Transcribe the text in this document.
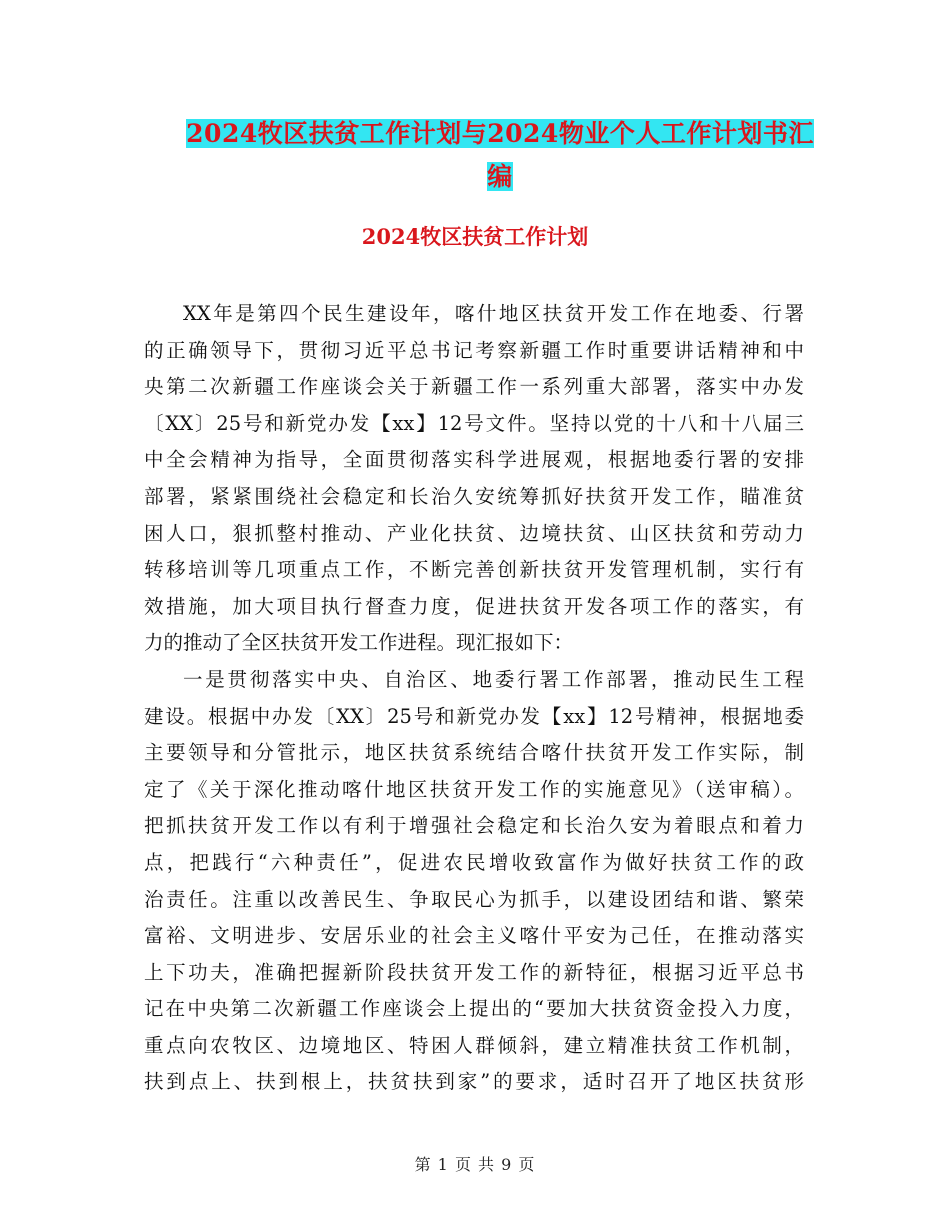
2024牧区扶贫工作计划与2024物业个人工作计划书汇
编
2024牧区扶贫工作计划
XX年是第四个民生建设年，喀什地区扶贫开发工作在地委、行署
的正确领导下，贯彻习近平总书记考察新疆工作时重要讲话精神和中
央第二次新疆工作座谈会关于新疆工作一系列重大部署，落实中办发
〔XX〕25号和新党办发【xx】12号文件。坚持以党的十八和十八届三
中全会精神为指导，全面贯彻落实科学进展观，根据地委行署的安排
部署，紧紧围绕社会稳定和长治久安统筹抓好扶贫开发工作，瞄准贫
困人口，狠抓整村推动、产业化扶贫、边境扶贫、山区扶贫和劳动力
转移培训等几项重点工作，不断完善创新扶贫开发管理机制，实行有
效措施，加大项目执行督查力度，促进扶贫开发各项工作的落实，有
力的推动了全区扶贫开发工作进程。现汇报如下：
一是贯彻落实中央、自治区、地委行署工作部署，推动民生工程
建设。根据中办发〔XX〕25号和新党办发【xx】12号精神，根据地委
主要领导和分管批示，地区扶贫系统结合喀什扶贫开发工作实际，制
定了《关于深化推动喀什地区扶贫开发工作的实施意见》（送审稿）。
把抓扶贫开发工作以有利于增强社会稳定和长治久安为着眼点和着力
点，把践行“六种责任”，促进农民增收致富作为做好扶贫工作的政
治责任。注重以改善民生、争取民心为抓手，以建设团结和谐、繁荣
富裕、文明进步、安居乐业的社会主义喀什平安为己任，在推动落实
上下功夫，准确把握新阶段扶贫开发工作的新特征，根据习近平总书
记在中央第二次新疆工作座谈会上提出的“要加大扶贫资金投入力度，
重点向农牧区、边境地区、特困人群倾斜，建立精准扶贫工作机制，
扶到点上、扶到根上，扶贫扶到家”的要求，适时召开了地区扶贫形
第 1 页 共 9 页
